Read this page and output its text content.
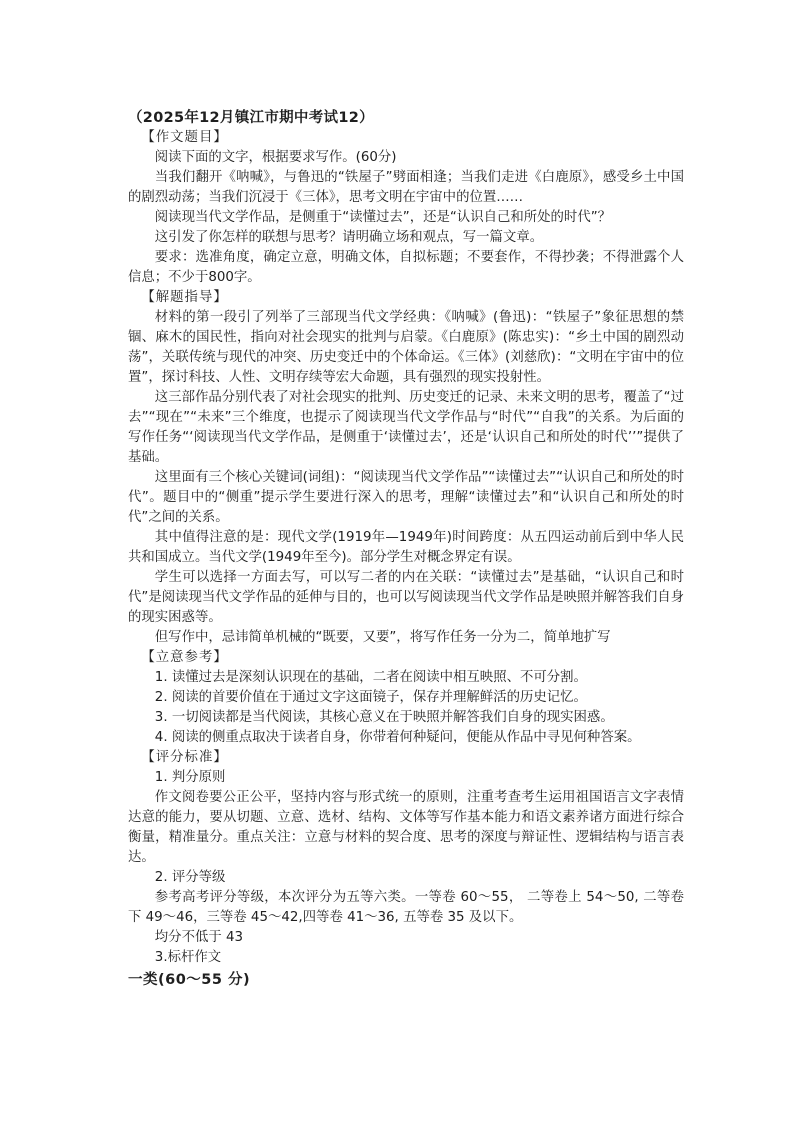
（2025年12月镇江市期中考试12）

【作文题目】

阅读下面的文字，根据要求写作。(60分)

当我们翻开《呐喊》，与鲁迅的“铁屋子”劈面相逢；当我们走进《白鹿原》，感受乡土中国的剧烈动荡；当我们沉浸于《三体》，思考文明在宇宙中的位置……

阅读现当代文学作品，是侧重于“读懂过去”，还是“认识自己和所处的时代”？

这引发了你怎样的联想与思考？请明确立场和观点，写一篇文章。

要求：选准角度，确定立意，明确文体，自拟标题；不要套作，不得抄袭；不得泄露个人信息；不少于800字。

【解题指导】

材料的第一段引了列举了三部现当代文学经典：《呐喊》(鲁迅)：“铁屋子”象征思想的禁锢、麻木的国民性，指向对社会现实的批判与启蒙。《白鹿原》(陈忠实)：“乡土中国的剧烈动荡”，关联传统与现代的冲突、历史变迁中的个体命运。《三体》(刘慈欣)：“文明在宇宙中的位置”，探讨科技、人性、文明存续等宏大命题，具有强烈的现实投射性。

这三部作品分别代表了对社会现实的批判、历史变迁的记录、未来文明的思考，覆盖了“过去”“现在”“未来”三个维度，也提示了阅读现当代文学作品与“时代”“自我”的关系。为后面的写作任务“‘阅读现当代文学作品，是侧重于‘读懂过去’，还是‘认识自己和所处的时代’’”提供了基础。

这里面有三个核心关键词(词组)：“阅读现当代文学作品”“读懂过去”“认识自己和所处的时代”。题目中的“侧重”提示学生要进行深入的思考，理解“读懂过去”和“认识自己和所处的时代”之间的关系。

其中值得注意的是：现代文学(1919年—1949年)时间跨度：从五四运动前后到中华人民共和国成立。当代文学(1949年至今)。部分学生对概念界定有误。

学生可以选择一方面去写，可以写二者的内在关联：“读懂过去”是基础，“认识自己和时代”是阅读现当代文学作品的延伸与目的，也可以写阅读现当代文学作品是映照并解答我们自身的现实困惑等。

但写作中，忌讳简单机械的“既要，又要”，将写作任务一分为二，简单地扩写

【立意参考】

1. 读懂过去是深刻认识现在的基础，二者在阅读中相互映照、不可分割。

2. 阅读的首要价值在于通过文字这面镜子，保存并理解鲜活的历史记忆。

3. 一切阅读都是当代阅读，其核心意义在于映照并解答我们自身的现实困惑。

4. 阅读的侧重点取决于读者自身，你带着何种疑问，便能从作品中寻见何种答案。

【评分标准】

1. 判分原则

作文阅卷要公正公平，坚持内容与形式统一的原则，注重考查考生运用祖国语言文字表情达意的能力，要从切题、立意、选材、结构、文体等写作基本能力和语文素养诸方面进行综合衡量，精准量分。重点关注：立意与材料的契合度、思考的深度与辩证性、逻辑结构与语言表达。

2. 评分等级

参考高考评分等级，本次评分为五等六类。一等卷 60～55， 二等卷上 54～50, 二等卷下 49～46，三等卷 45～42,四等卷 41～36, 五等卷 35 及以下。

均分不低于 43

3.标杆作文

一类(60～55 分)
